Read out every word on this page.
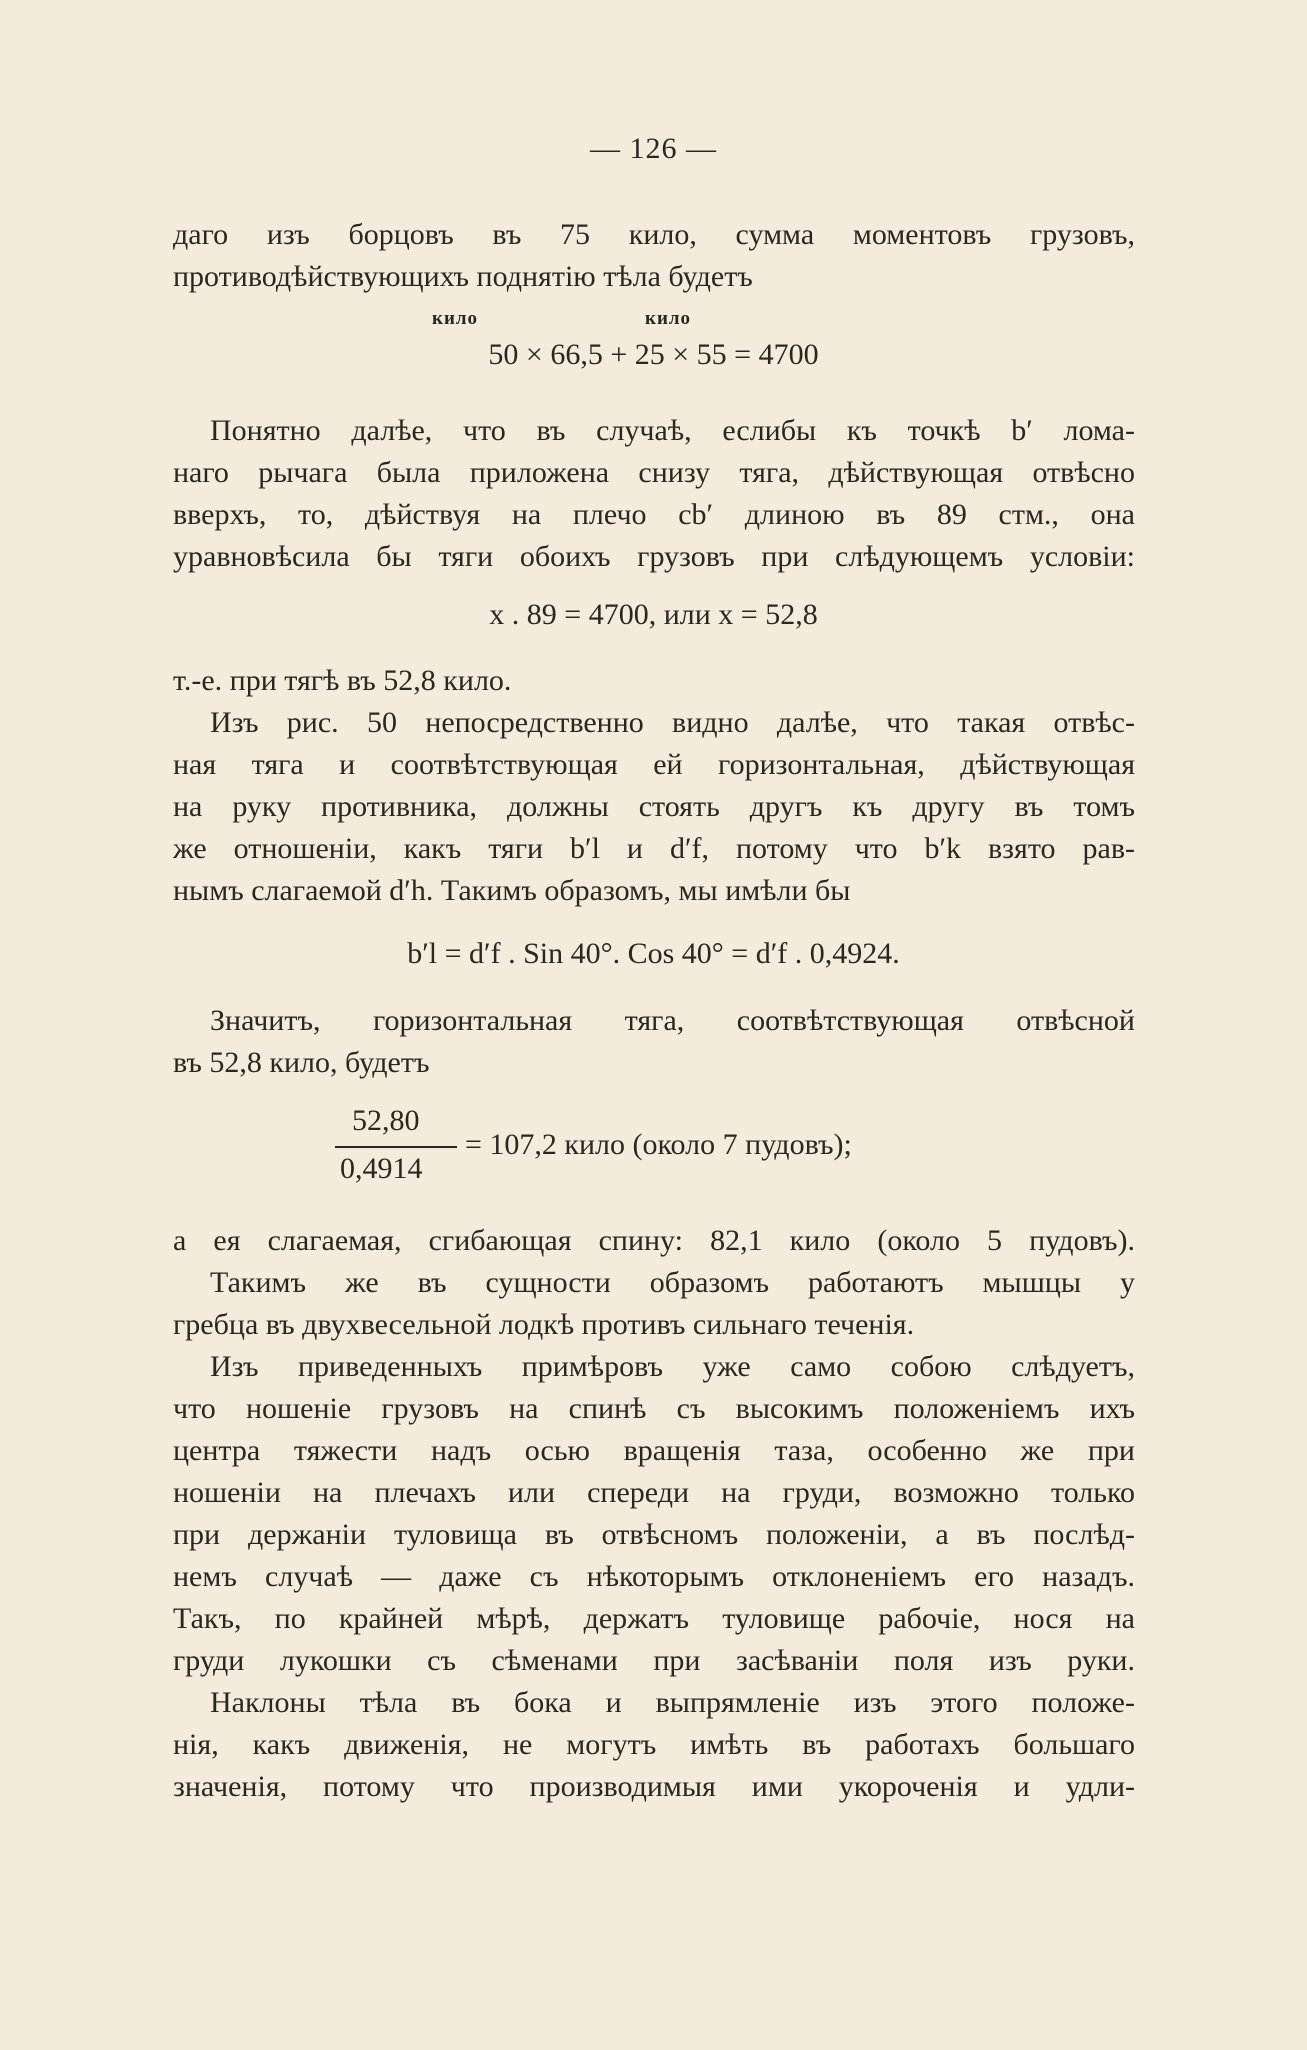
— 126 —
даго изъ борцовъ въ 75 кило, сумма моментовъ грузовъ,
противодѣйствующихъ поднятію тѣла будетъ
кило	кило
50 × 66,5 + 25 × 55 = 4700
Понятно далѣе, что въ случаѣ, еслибы къ точкѣ b′ лома-
наго рычага была приложена снизу тяга, дѣйствующая отвѣсно
вверхъ, то, дѣйствуя на плечо cb′ длиною въ 89 стм., она
уравновѣсила бы тяги обоихъ грузовъ при слѣдующемъ условіи:
x . 89 = 4700, или x = 52,8
т.-е. при тягѣ въ 52,8 кило.
Изъ рис. 50 непосредственно видно далѣе, что такая отвѣс-
ная тяга и соотвѣтствующая ей горизонтальная, дѣйствующая
на руку противника, должны стоять другъ къ другу въ томъ
же отношеніи, какъ тяги b′l и d′f, потому что b′k взято рав-
нымъ слагаемой d′h. Такимъ образомъ, мы имѣли бы
b′l = d′f . Sin 40°. Cos 40° = d′f . 0,4924.
Значитъ, горизонтальная тяга, соотвѣтствующая отвѣсной
въ 52,8 кило, будетъ
52,80
0,4914
= 107,2 кило (около 7 пудовъ);
а ея слагаемая, сгибающая спину: 82,1 кило (около 5 пудовъ).
Такимъ же въ сущности образомъ работаютъ мышцы у
гребца въ двухвесельной лодкѣ противъ сильнаго теченія.
Изъ приведенныхъ примѣровъ уже само собою слѣдуетъ,
что ношеніе грузовъ на спинѣ съ высокимъ положеніемъ ихъ
центра тяжести надъ осью вращенія таза, особенно же при
ношеніи на плечахъ или спереди на груди, возможно только
при держаніи туловища въ отвѣсномъ положеніи, а въ послѣд-
немъ случаѣ — даже съ нѣкоторымъ отклоненіемъ его назадъ.
Такъ, по крайней мѣрѣ, держатъ туловище рабочіе, нося на
груди лукошки съ сѣменами при засѣваніи поля изъ руки.
Наклоны тѣла въ бока и выпрямленіе изъ этого положе-
нія, какъ движенія, не могутъ имѣть въ работахъ большаго
значенія, потому что производимыя ими укороченія и удли-
